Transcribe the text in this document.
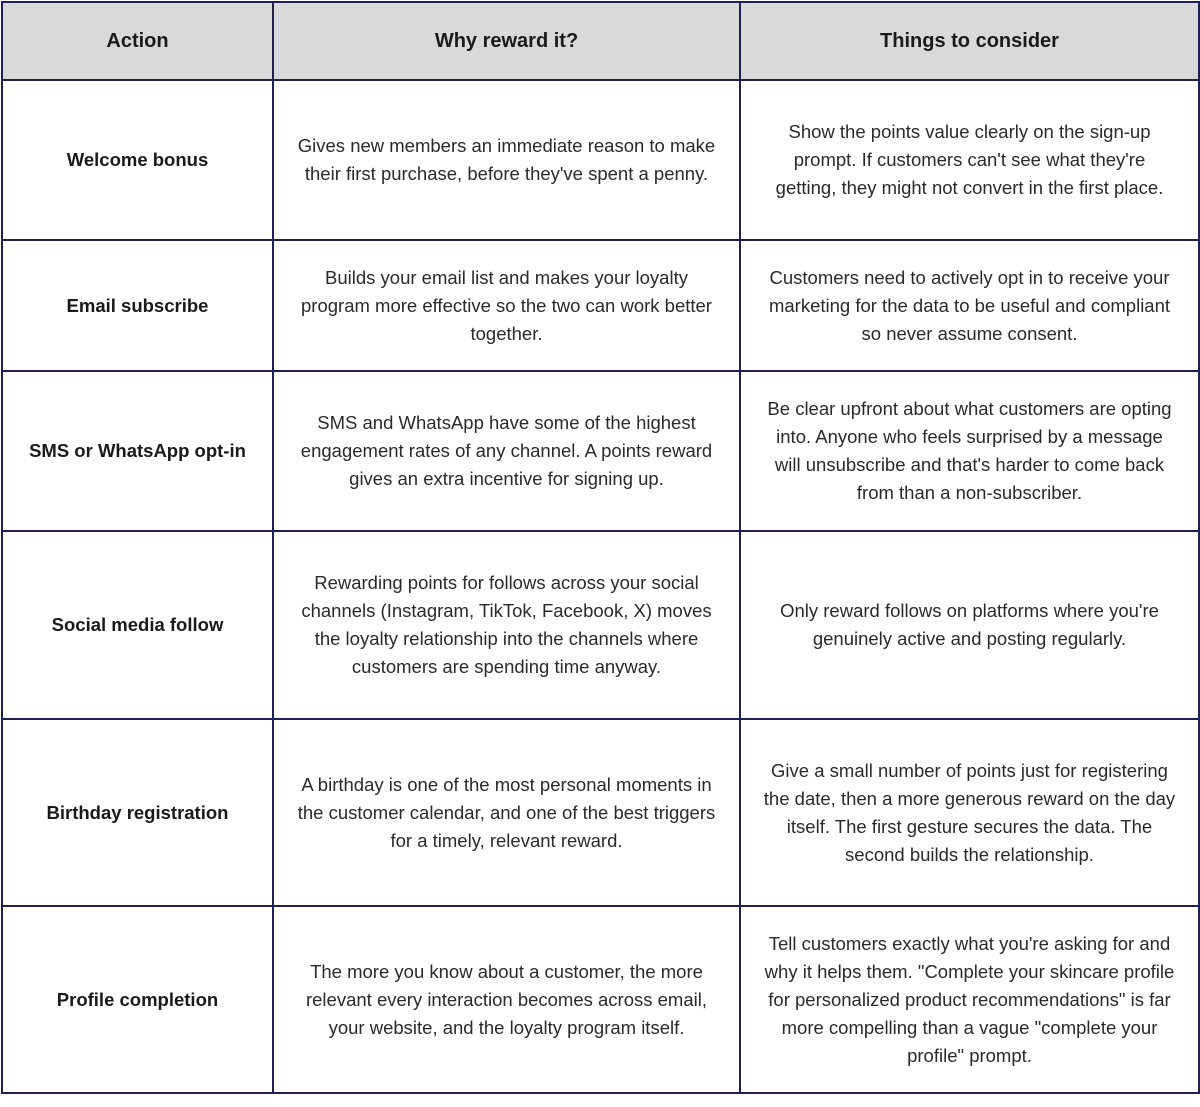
Action	Why reward it?	Things to consider
Welcome bonus	Gives new members an immediate reason to make their first purchase, before they've spent a penny.	Show the points value clearly on the sign-up prompt. If customers can't see what they're getting, they might not convert in the first place.
Email subscribe	Builds your email list and makes your loyalty program more effective so the two can work better together.	Customers need to actively opt in to receive your marketing for the data to be useful and compliant so never assume consent.
SMS or WhatsApp opt-in	SMS and WhatsApp have some of the highest engagement rates of any channel. A points reward gives an extra incentive for signing up.	Be clear upfront about what customers are opting into. Anyone who feels surprised by a message will unsubscribe and that's harder to come back from than a non-subscriber.
Social media follow	Rewarding points for follows across your social channels (Instagram, TikTok, Facebook, X) moves the loyalty relationship into the channels where customers are spending time anyway.	Only reward follows on platforms where you're genuinely active and posting regularly.
Birthday registration	A birthday is one of the most personal moments in the customer calendar, and one of the best triggers for a timely, relevant reward.	Give a small number of points just for registering the date, then a more generous reward on the day itself. The first gesture secures the data. The second builds the relationship.
Profile completion	The more you know about a customer, the more relevant every interaction becomes across email, your website, and the loyalty program itself.	Tell customers exactly what you're asking for and why it helps them. "Complete your skincare profile for personalized product recommendations" is far more compelling than a vague "complete your profile" prompt.
